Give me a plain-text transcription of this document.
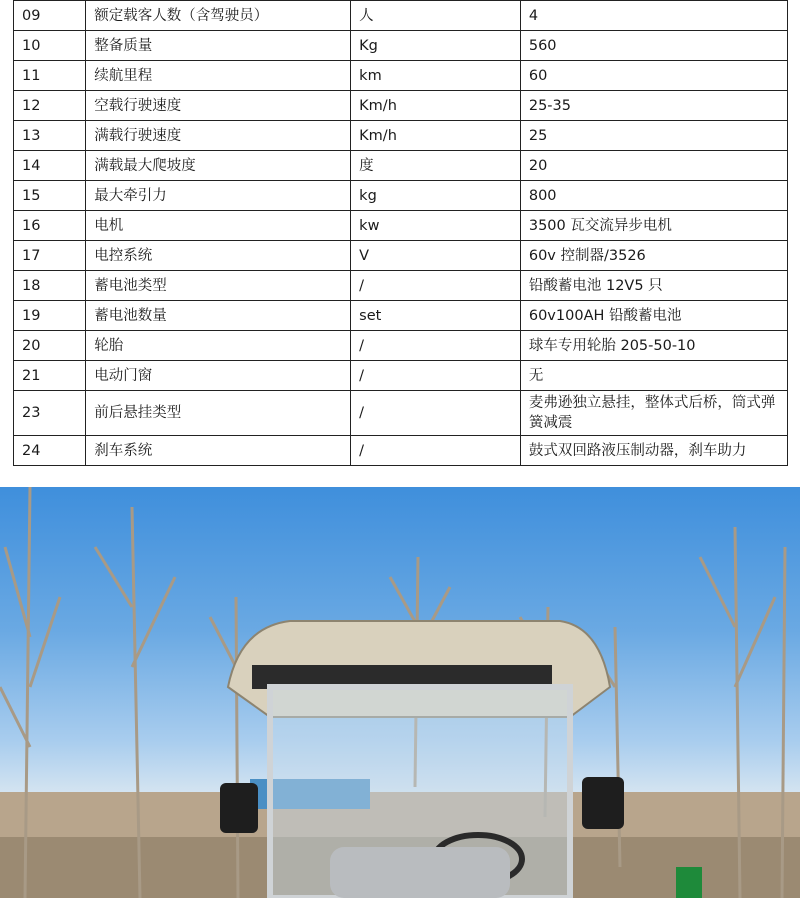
09	额定载客人数（含驾驶员）	人	4
10	整备质量	Kg	560
11	续航里程	km	60
12	空载行驶速度	Km/h	25-35
13	满载行驶速度	Km/h	25
14	满载最大爬坡度	度	20
15	最大牵引力	kg	800
16	电机	kw	3500 瓦交流异步电机
17	电控系统	V	60v 控制器/3526
18	蓄电池类型	/	铅酸蓄电池 12V5 只
19	蓄电池数量	set	60v100AH 铅酸蓄电池
20	轮胎	/	球车专用轮胎 205-50-10
21	电动门窗	/	无
23	前后悬挂类型	/	麦弗逊独立悬挂，整体式后桥，筒式弹簧减震
24	刹车系统	/	鼓式双回路液压制动器，刹车助力
